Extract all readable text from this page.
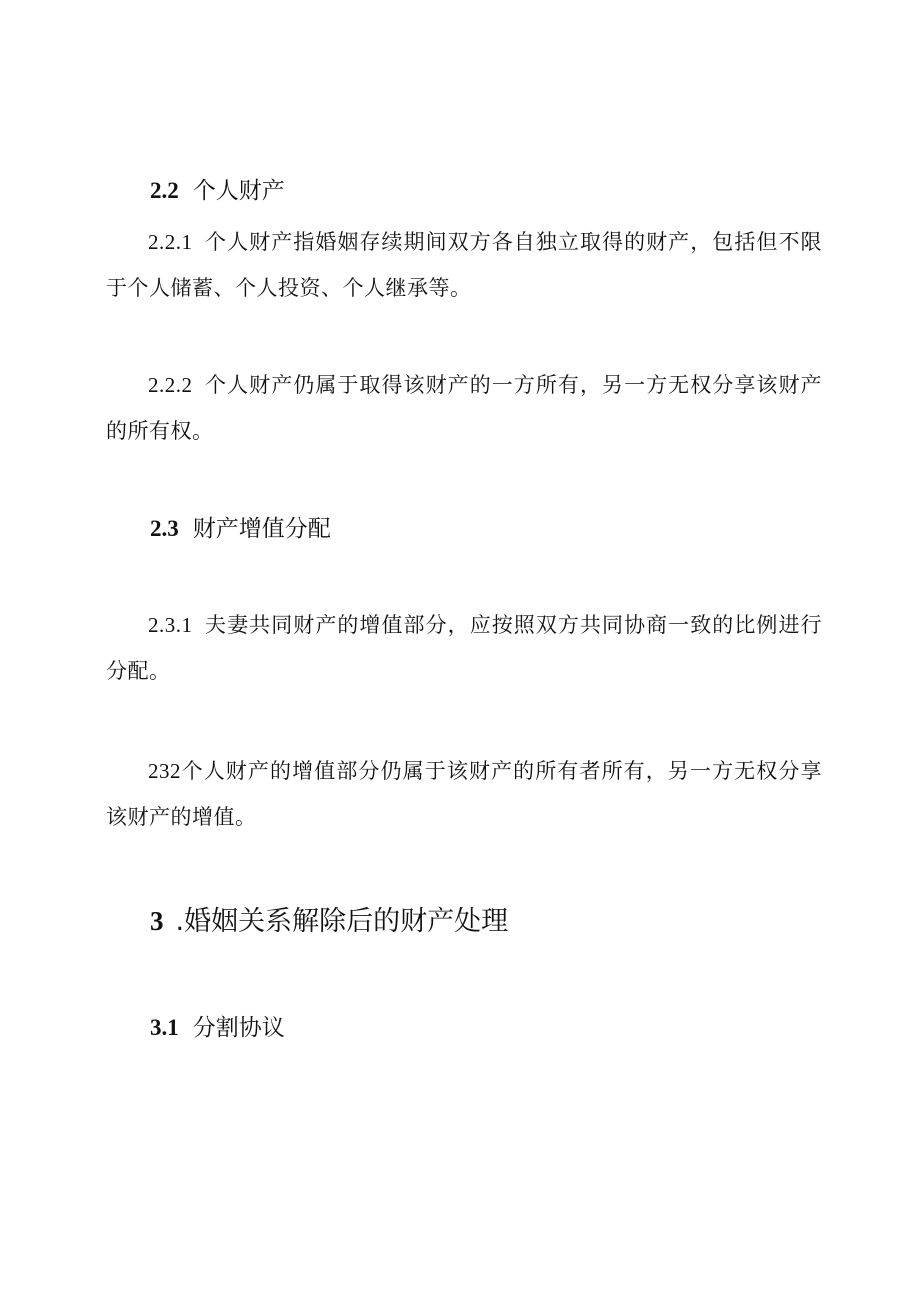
2.2 个人财产
2.2.1 个人财产指婚姻存续期间双方各自独立取得的财产，包括但不限于个人储蓄、个人投资、个人继承等。
2.2.2 个人财产仍属于取得该财产的一方所有，另一方无权分享该财产的所有权。
2.3 财产增值分配
2.3.1 夫妻共同财产的增值部分，应按照双方共同协商一致的比例进行分配。
232个人财产的增值部分仍属于该财产的所有者所有，另一方无权分享该财产的增值。
3 .婚姻关系解除后的财产处理
3.1 分割协议
